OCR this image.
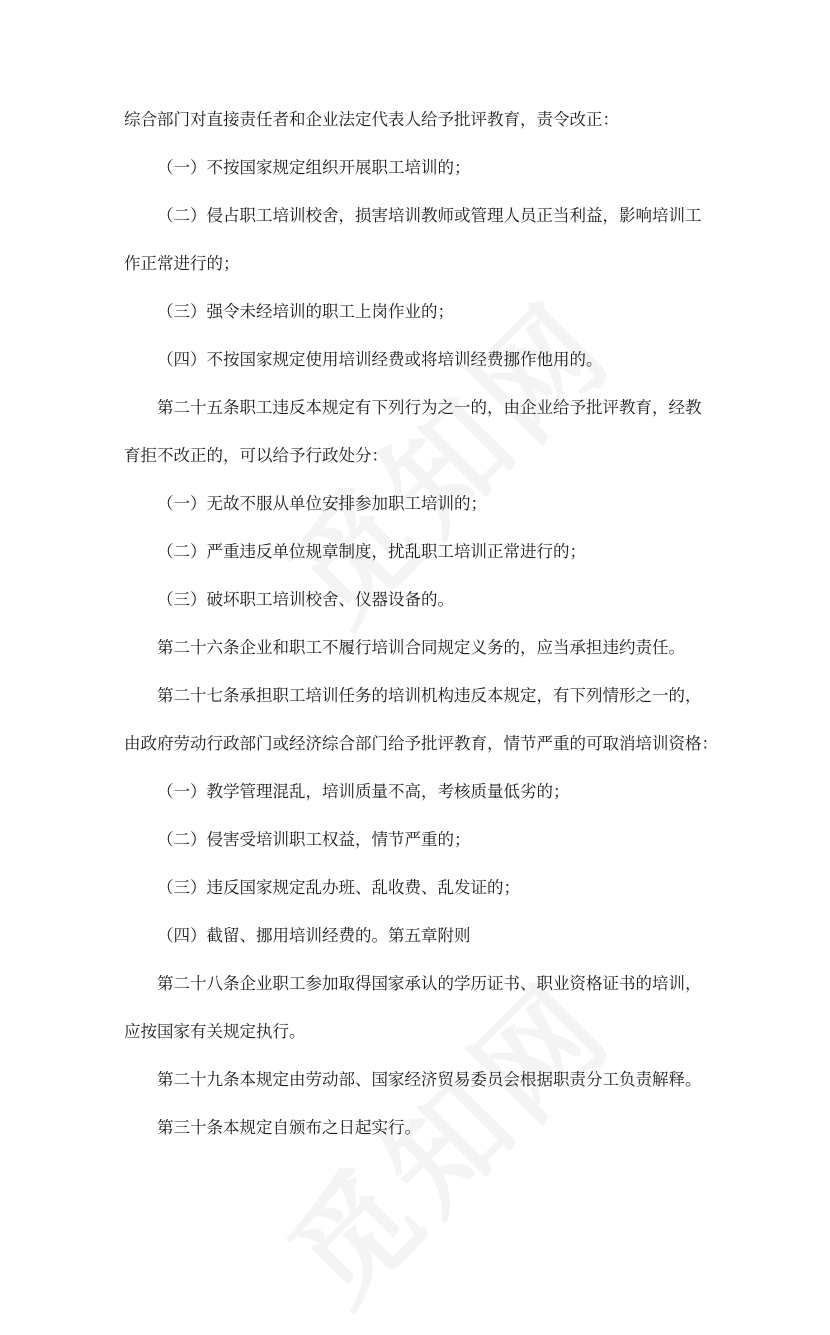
综合部门对直接责任者和企业法定代表人给予批评教育，责令改正：
（一）不按国家规定组织开展职工培训的；
（二）侵占职工培训校舍，损害培训教师或管理人员正当利益，影响培训工
作正常进行的；
（三）强令未经培训的职工上岗作业的；
（四）不按国家规定使用培训经费或将培训经费挪作他用的。
第二十五条职工违反本规定有下列行为之一的，由企业给予批评教育，经教
育拒不改正的，可以给予行政处分：
（一）无故不服从单位安排参加职工培训的；
（二）严重违反单位规章制度，扰乱职工培训正常进行的；
（三）破坏职工培训校舍、仪器设备的。
第二十六条企业和职工不履行培训合同规定义务的，应当承担违约责任。
第二十七条承担职工培训任务的培训机构违反本规定，有下列情形之一的，
由政府劳动行政部门或经济综合部门给予批评教育，情节严重的可取消培训资格：
（一）教学管理混乱，培训质量不高，考核质量低劣的；
（二）侵害受培训职工权益，情节严重的；
（三）违反国家规定乱办班、乱收费、乱发证的；
（四）截留、挪用培训经费的。第五章附则
第二十八条企业职工参加取得国家承认的学历证书、职业资格证书的培训，
应按国家有关规定执行。
第二十九条本规定由劳动部、国家经济贸易委员会根据职责分工负责解释。
第三十条本规定自颁布之日起实行。
